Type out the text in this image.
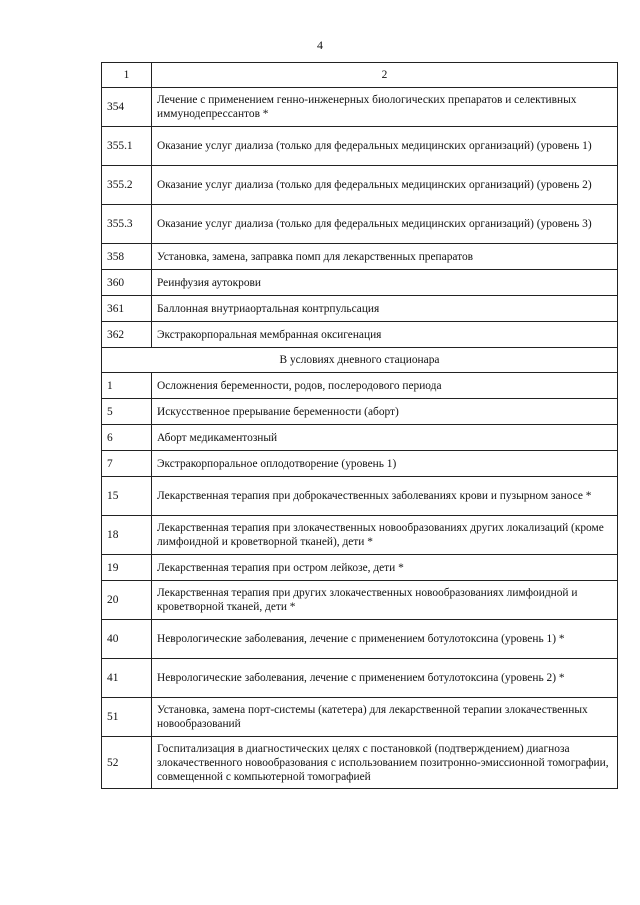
4
1	2
354	Лечение с применением генно-инженерных биологических препаратов и селективных иммунодепрессантов *
355.1	Оказание услуг диализа (только для федеральных медицинских организаций) (уровень 1)
355.2	Оказание услуг диализа (только для федеральных медицинских организаций) (уровень 2)
355.3	Оказание услуг диализа (только для федеральных медицинских организаций) (уровень 3)
358	Установка, замена, заправка помп для лекарственных препаратов
360	Реинфузия аутокрови
361	Баллонная внутриаортальная контрпульсация
362	Экстракорпоральная мембранная оксигенация
В условиях дневного стационара	
1	Осложнения беременности, родов, послеродового периода
5	Искусственное прерывание беременности (аборт)
6	Аборт медикаментозный
7	Экстракорпоральное оплодотворение (уровень 1)
15	Лекарственная терапия при доброкачественных заболеваниях крови и пузырном заносе *
18	Лекарственная терапия при злокачественных новообразованиях других локализаций (кроме лимфоидной и кроветворной тканей), дети *
19	Лекарственная терапия при остром лейкозе, дети *
20	Лекарственная терапия при других злокачественных новообразованиях лимфоидной и кроветворной тканей, дети *
40	Неврологические заболевания, лечение с применением ботулотоксина (уровень 1) *
41	Неврологические заболевания, лечение с применением ботулотоксина (уровень 2) *
51	Установка, замена порт-системы (катетера) для лекарственной терапии злокачественных новообразований
52	Госпитализация в диагностических целях с постановкой (подтверждением) диагноза злокачественного новообразования с использованием позитронно-эмиссионной томографии, совмещенной с компьютерной томографией
